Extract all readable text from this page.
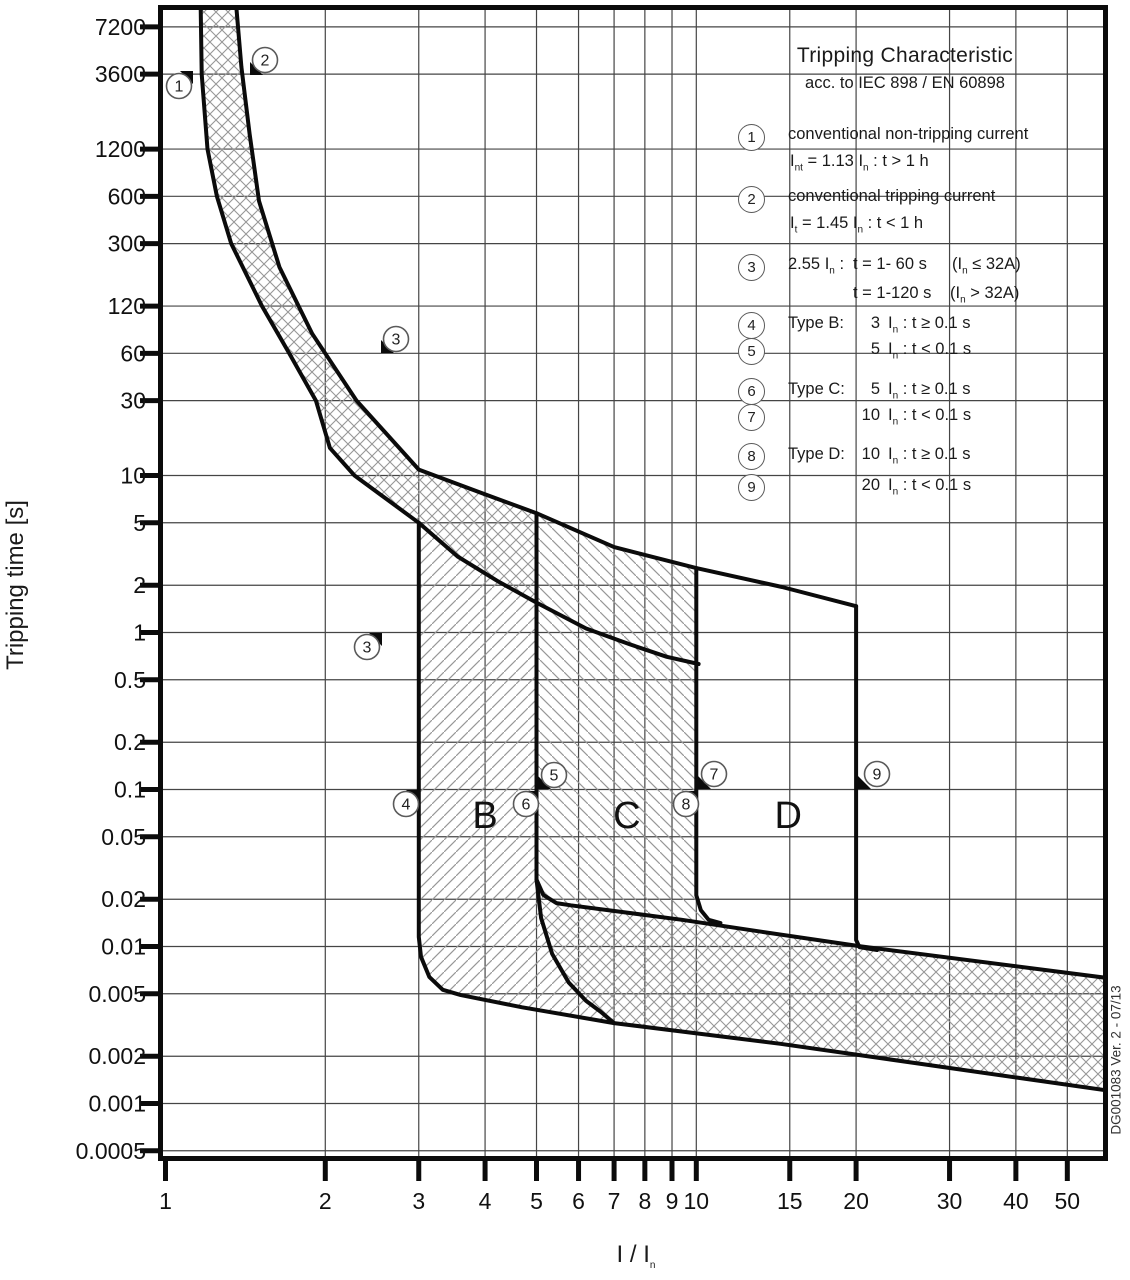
7200
3600
1200
600
300
120
60
30
10
5
2
1
0.5
0.2
0.1
0.05
0.02
0.01
0.005
0.002
0.001
0.0005
1	2	3 4 5 6 7 8 9 10	15 20	30 40 50
B	C	D
1
2
3
3
4
5
6
7
8
9
Tripping Characteristic
acc. to IEC 898 / EN 60898
1	conventional non-tripping current
$I_{nt} = 1.13$ $I_n$ : t > 1 h
2	conventional tripping current
$I_t = 1.45$ $I_n$ : t < 1 h
3	2.55 $I_n$ : t = 1- 60 s $(I_n \le 32A)$
t = 1-120 s $(I_n > 32A)$
4	Type B:	3 $I_n$ : t ≥ 0.1 s
5	5 $I_n$ : t < 0.1 s
6	Type C:	5 $I_n$ : t ≥ 0.1 s
7	10 $I_n$ : t < 0.1 s
8	Type D:	10 $I_n$ : t ≥ 0.1 s
9	20 $I_n$ : t < 0.1 s
Tripping time [s]
I / $I_n$
DG001083 Ver. 2 - 07/13
